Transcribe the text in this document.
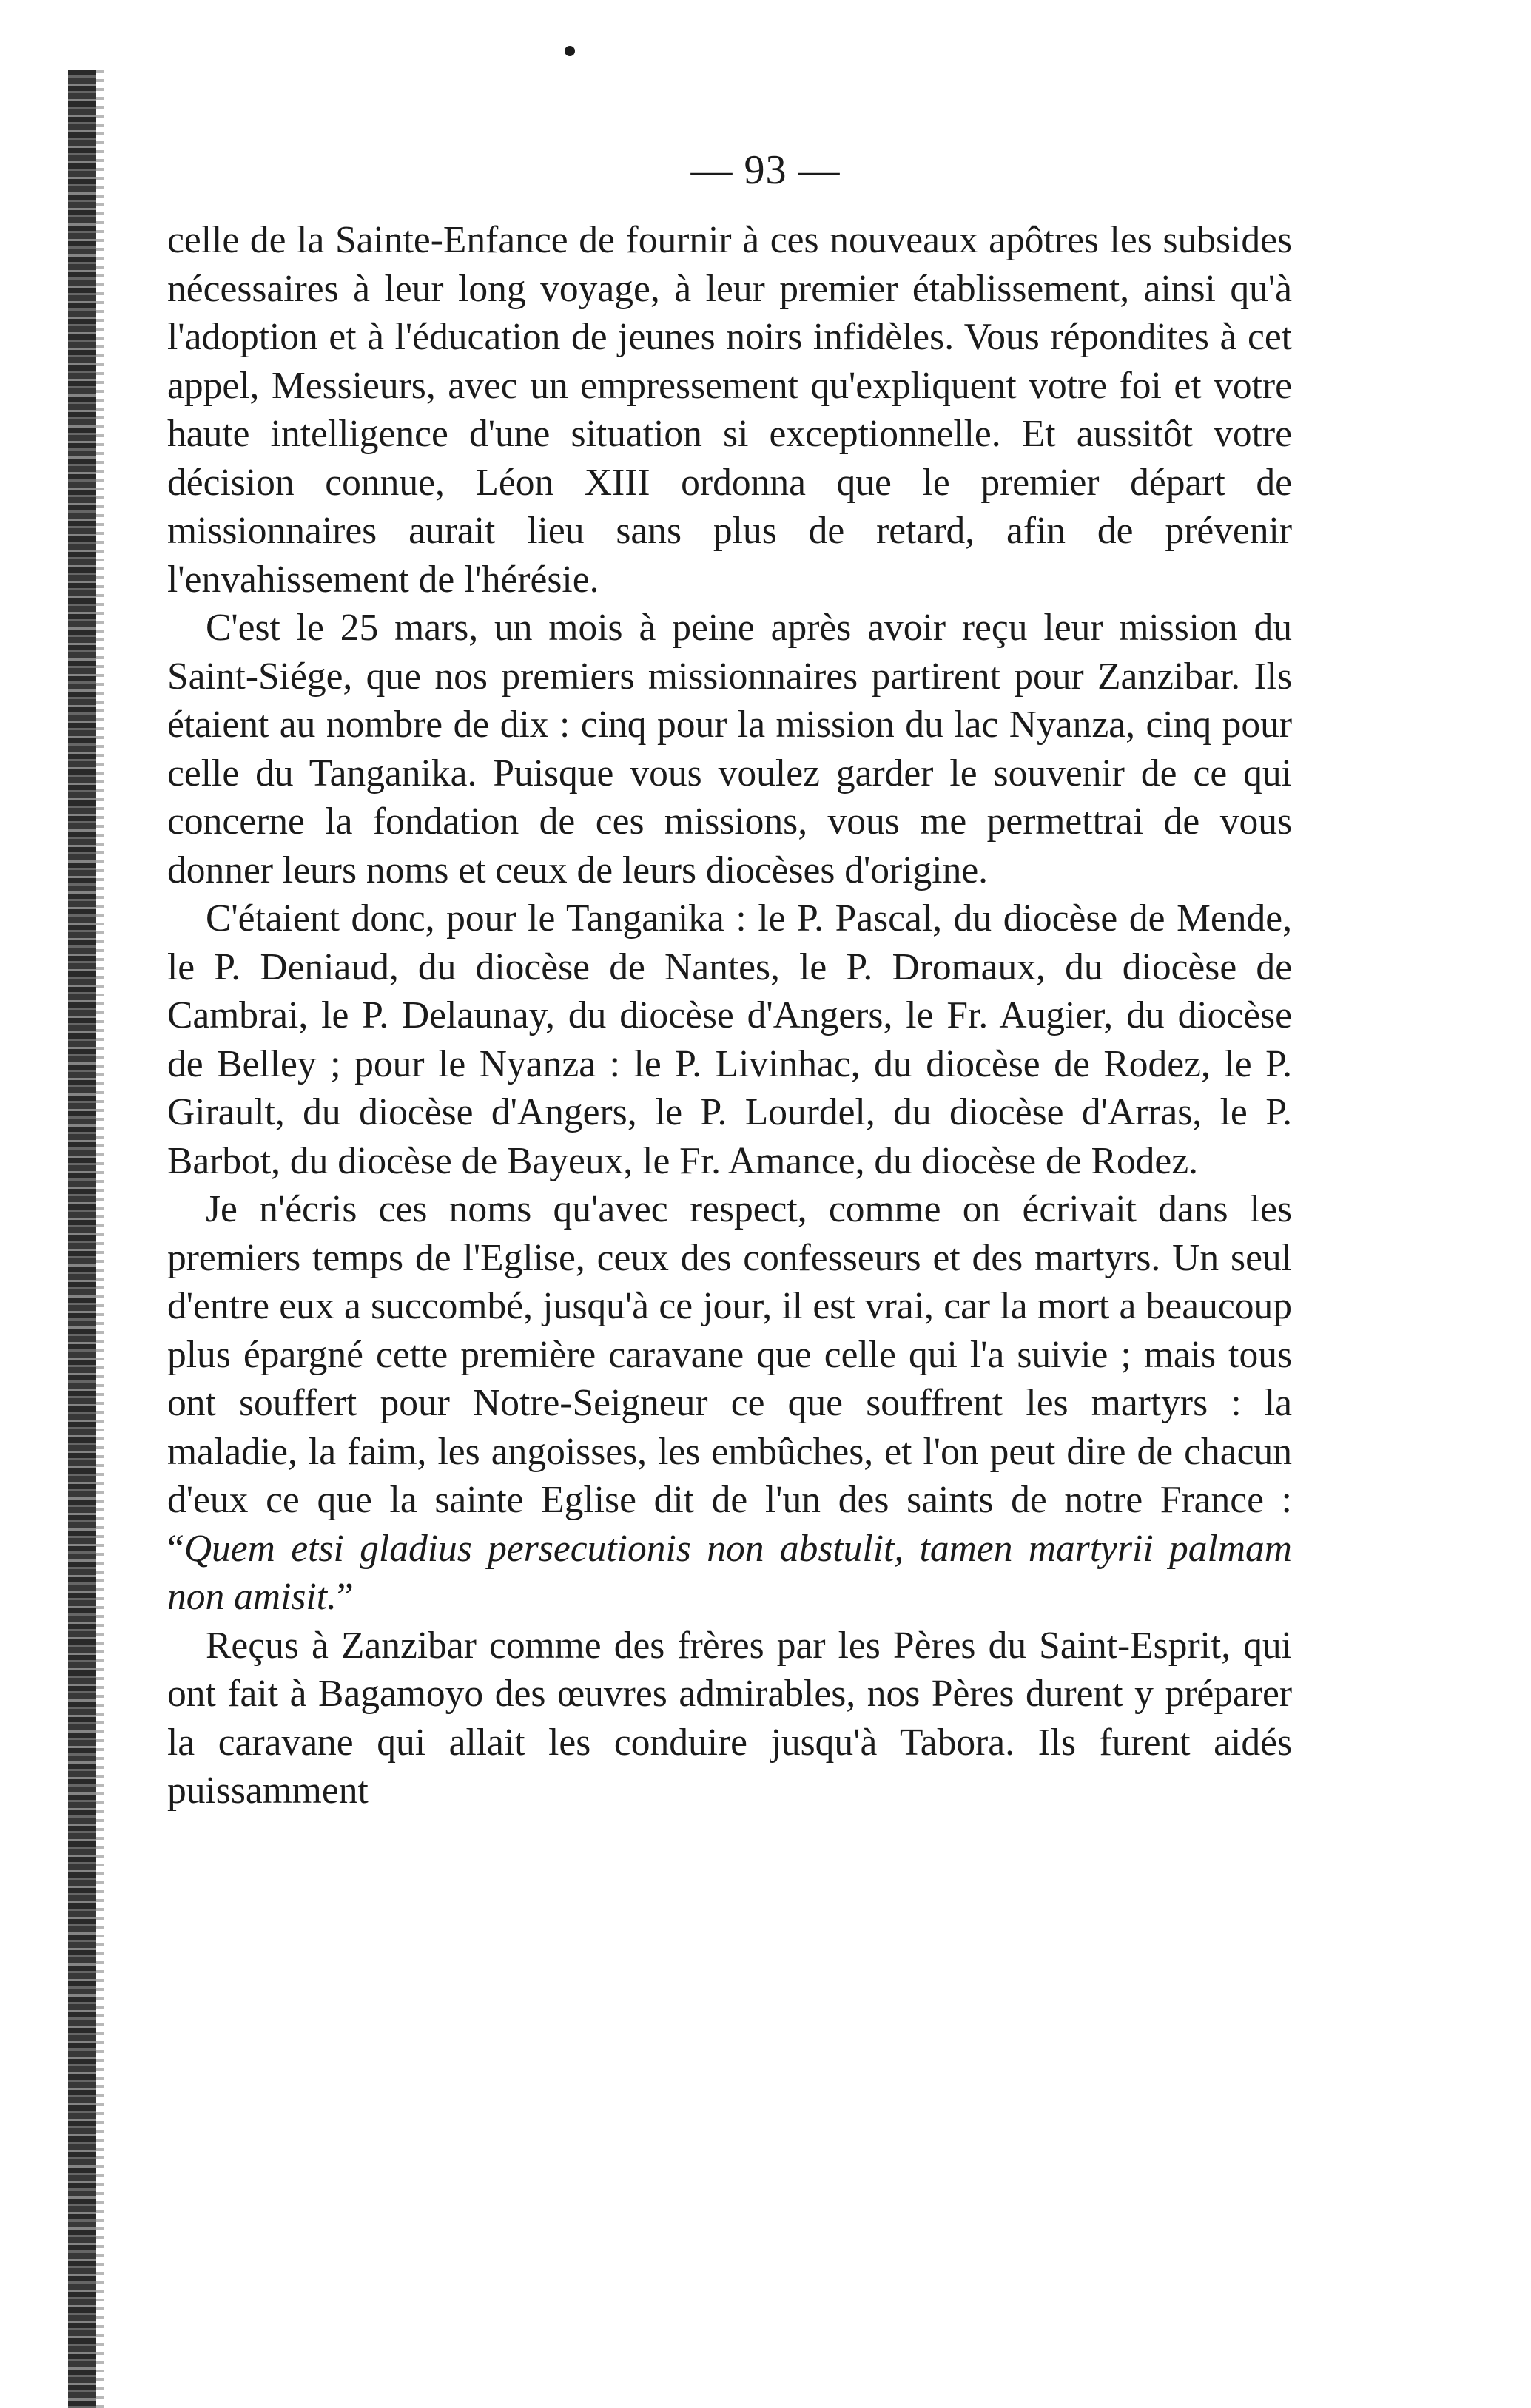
— 93 —

celle de la Sainte-Enfance de fournir à ces nouveaux apôtres les subsides nécessaires à leur long voyage, à leur premier établissement, ainsi qu'à l'adoption et à l'éducation de jeunes noirs infidèles. Vous répondites à cet appel, Messieurs, avec un empressement qu'expliquent votre foi et votre haute intelligence d'une situation si exceptionnelle. Et aussitôt votre décision connue, Léon XIII ordonna que le premier départ de missionnaires aurait lieu sans plus de retard, afin de prévenir l'envahissement de l'hérésie.

C'est le 25 mars, un mois à peine après avoir reçu leur mission du Saint-Siége, que nos premiers missionnaires partirent pour Zanzibar. Ils étaient au nombre de dix : cinq pour la mission du lac Nyanza, cinq pour celle du Tanganika. Puisque vous voulez garder le souvenir de ce qui concerne la fondation de ces missions, vous me permettrai de vous donner leurs noms et ceux de leurs diocèses d'origine.

C'étaient donc, pour le Tanganika : le P. Pascal, du diocèse de Mende, le P. Deniaud, du diocèse de Nantes, le P. Dromaux, du diocèse de Cambrai, le P. Delaunay, du diocèse d'Angers, le Fr. Augier, du diocèse de Belley ; pour le Nyanza : le P. Livinhac, du diocèse de Rodez, le P. Girault, du diocèse d'Angers, le P. Lourdel, du diocèse d'Arras, le P. Barbot, du diocèse de Bayeux, le Fr. Amance, du diocèse de Rodez.

Je n'écris ces noms qu'avec respect, comme on écrivait dans les premiers temps de l'Eglise, ceux des confesseurs et des martyrs. Un seul d'entre eux a succombé, jusqu'à ce jour, il est vrai, car la mort a beaucoup plus épargné cette première caravane que celle qui l'a suivie ; mais tous ont souffert pour Notre-Seigneur ce que souffrent les martyrs : la maladie, la faim, les angoisses, les embûches, et l'on peut dire de chacun d'eux ce que la sainte Eglise dit de l'un des saints de notre France : “Quem etsi gladius persecutionis non abstulit, tamen martyrii palmam non amisit.”

Reçus à Zanzibar comme des frères par les Pères du Saint-Esprit, qui ont fait à Bagamoyo des œuvres admirables, nos Pères durent y préparer la caravane qui allait les conduire jusqu'à Tabora. Ils furent aidés puissamment
